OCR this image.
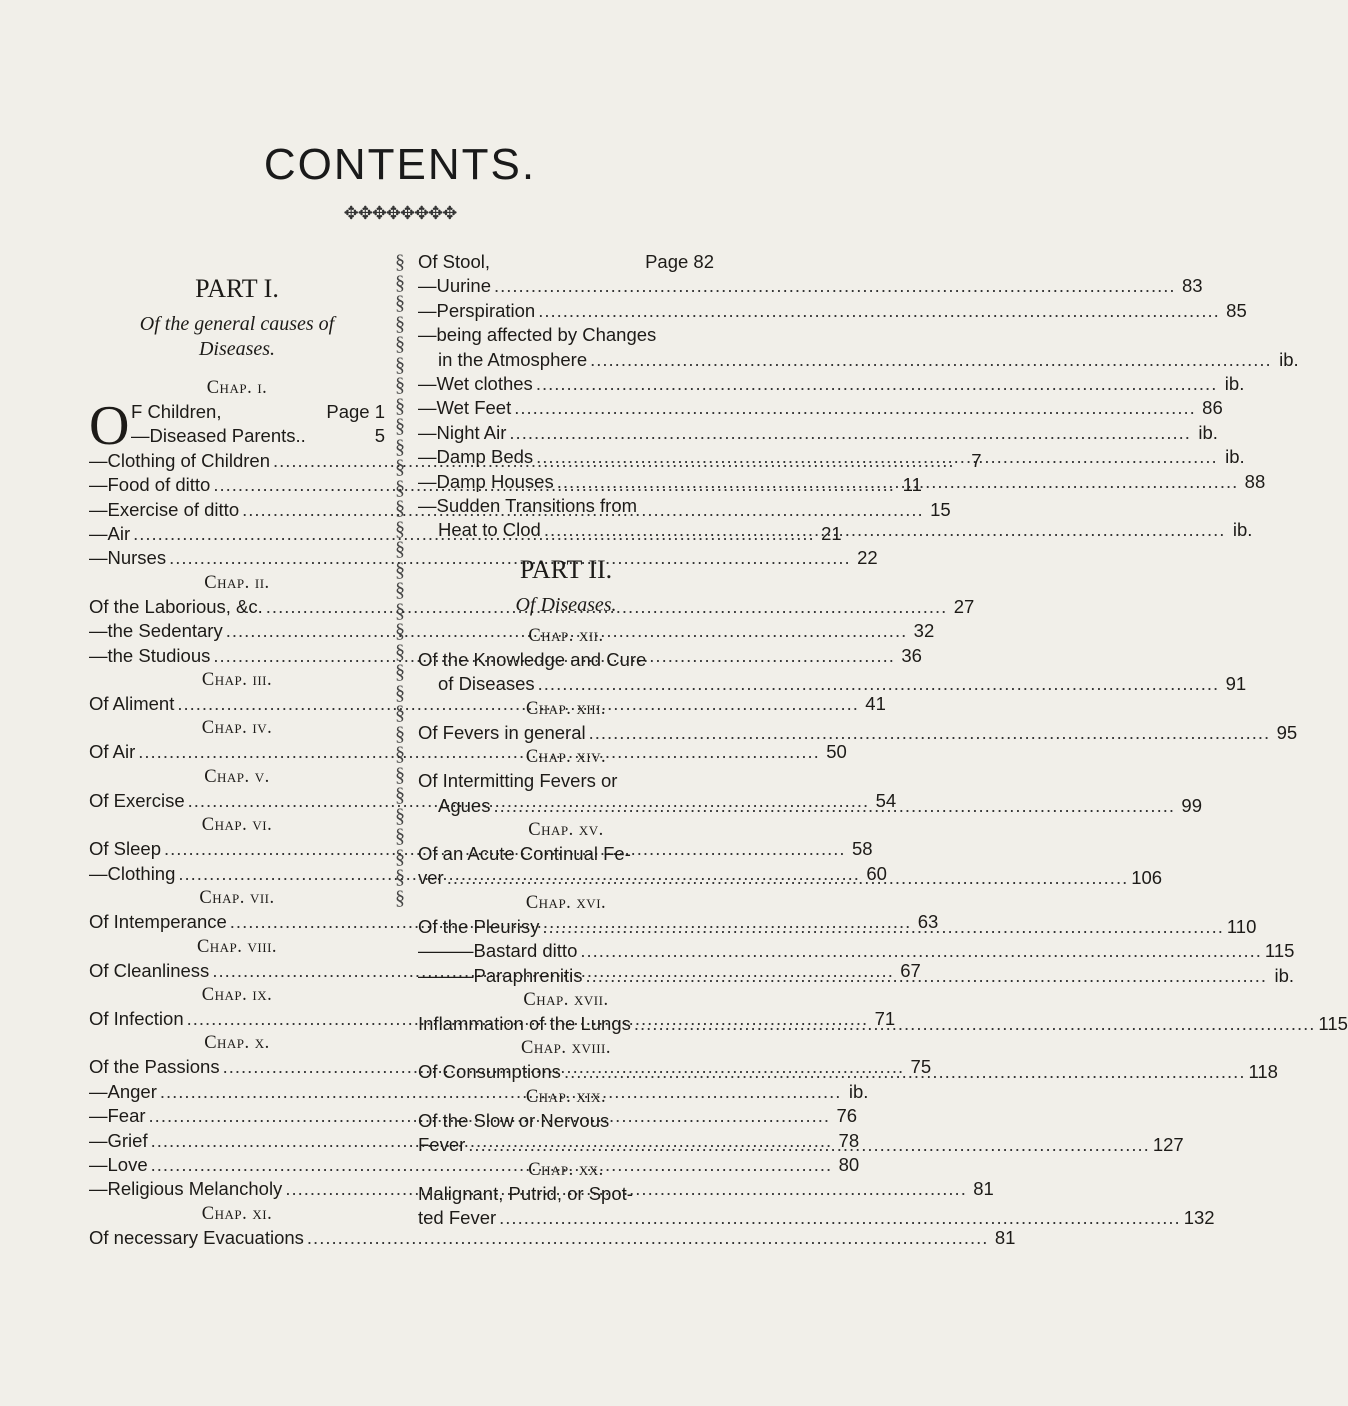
CONTENTS.
✥✥✥✥✥✥✥✥
§
§
§
§
§
§
§
§
§
§
§
§
§
§
§
§
§
§
§
§
§
§
§
§
§
§
§
§
§
§
§
§
PART I.
Of the general causes of Diseases.
Chap. i.
O F Children,	Page 1
—Diseased Parents..	5
—Clothing of Children .....	7
—Food of ditto .....	11
—Exercise of ditto .....	15
—Air .....	21
—Nurses .....	22
Chap. ii.
Of the Laborious, &c. .....	27
—the Sedentary .....	32
—the Studious .....	36
Chap. iii.
Of Aliment .....	41
Chap. iv.
Of Air .....	50
Chap. v.
Of Exercise .....	54
Chap. vi.
Of Sleep .....	58
—Clothing .....	60
Chap. vii.
Of Intemperance .....	63
Chap. viii.
Of Cleanliness .....	67
Chap. ix.
Of Infection .....	71
Chap. x.
Of the Passions .....	75
—Anger .....	ib.
—Fear .....	76
—Grief .....	78
—Love .....	80
—Religious Melancholy .....	81
Chap. xi.
Of necessary Evacuations .....	81
Of Stool,	Page 82
—Uurine .....	83
—Perspiration .....	85
—being affected by Changes
in the Atmosphere .....	ib.
—Wet clothes .....	ib.
—Wet Feet .....	86
—Night Air .....	ib.
—Damp Beds .....	ib.
—Damp Houses .....	88
—Sudden Transitions from
Heat to Clod .....	ib.
PART II.
Of Diseases.
Chap. xii.
Of the Knowledge and Cure
of Diseases .....	91
Chap. xiii.
Of Fevers in general .....	95
Chap. xiv.
Of Intermitting Fevers or
Agues .....	99
Chap. xv.
Of an Acute Continual Fe-
ver .....	106
Chap. xvi.
Of the Pleurisy .....	110
———Bastard ditto .....	115
———Paraphrenitis .....	ib.
Chap. xvii.
Inflammation of the Lungs .....	115
Chap. xviii.
Of Consumptions .....	118
Chap. xix.
Of the Slow or Nervous
Fever .....	127
Chap. xx.
Malignant, Putrid, or Spot-
ted Fever .....	132
